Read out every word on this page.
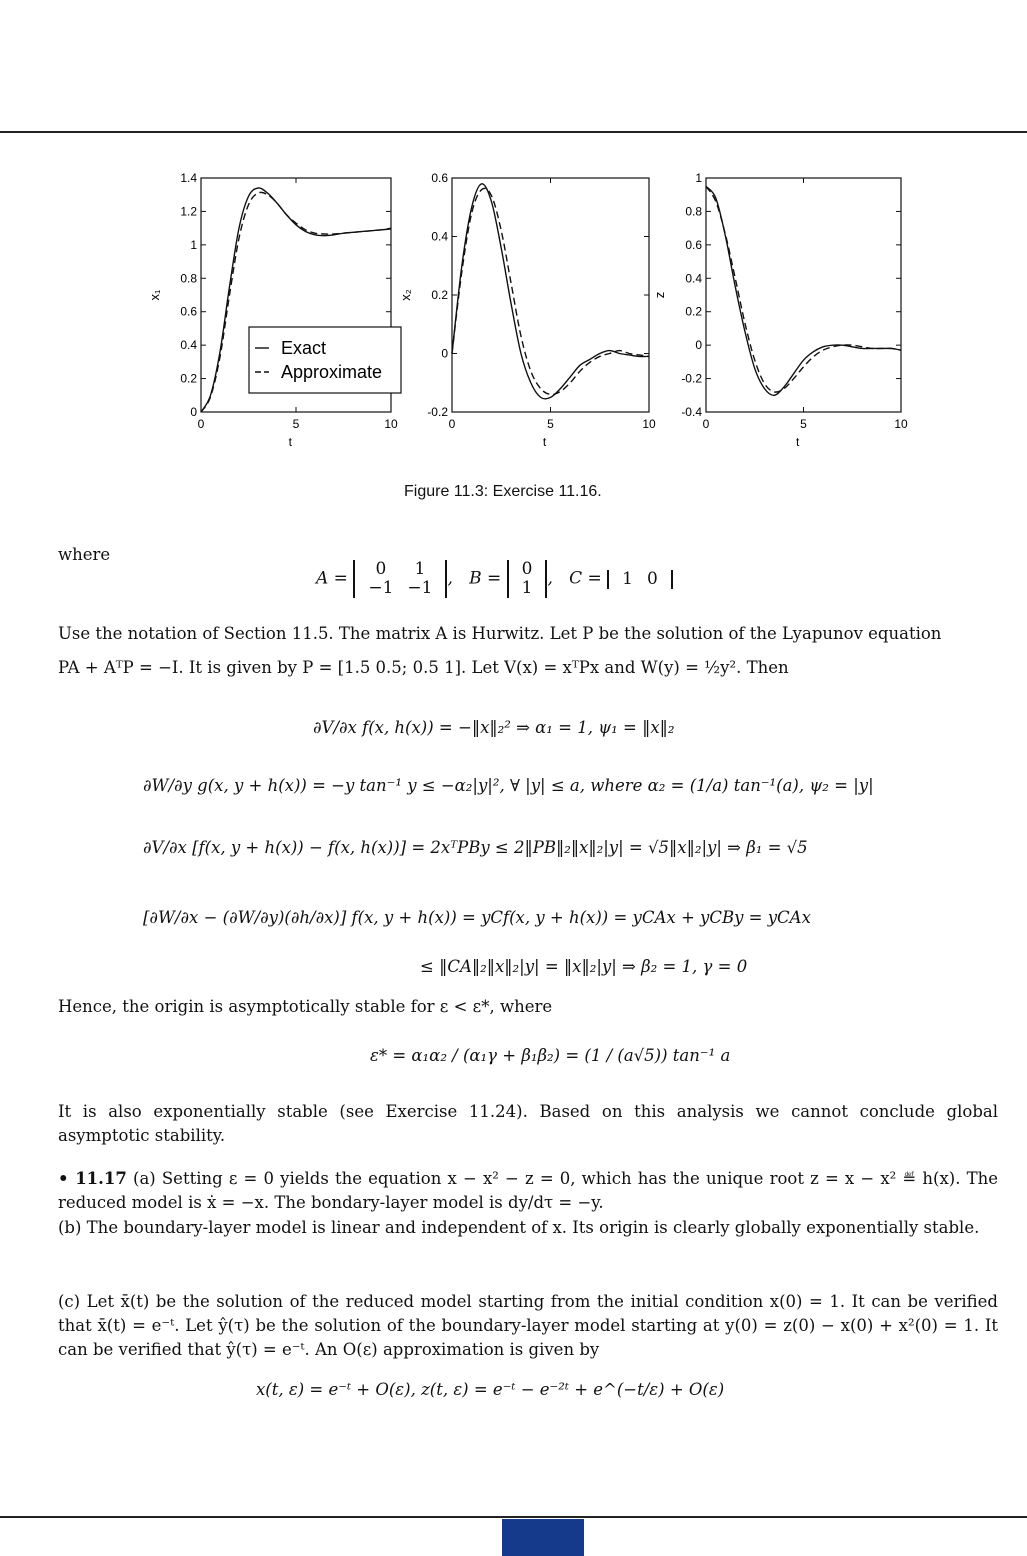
1.4
1.2
1
0.8
0.6
0.4
0.2
0
0	5	10
t
x₁
Exact
Approximate
0.6
0.4
0.2
0
-0.2
0	5	10
t
x₂
1
0.8
0.6
0.4
0.2
0
-0.2
-0.4
0	5	10
t
z
Figure 11.3: Exercise 11.16.
where
A = 0	1
−1	−1 ,   B = 0
1 ,   C = 1	0
Use the notation of Section 11.5. The matrix A is Hurwitz. Let P be the solution of the Lyapunov equation
PA + AᵀP = −I. It is given by P = [1.5 0.5; 0.5 1]. Let V(x) = xᵀPx and W(y) = ½y². Then
∂V/∂x f(x, h(x)) = −‖x‖₂² ⇒ α₁ = 1, ψ₁ = ‖x‖₂
∂W/∂y g(x, y + h(x)) = −y tan⁻¹ y ≤ −α₂|y|², ∀ |y| ≤ a, where α₂ = (1/a) tan⁻¹(a), ψ₂ = |y|
∂V/∂x [f(x, y + h(x)) − f(x, h(x))] = 2xᵀPBy ≤ 2‖PB‖₂‖x‖₂|y| = √5‖x‖₂|y| ⇒ β₁ = √5
[∂W/∂x − (∂W/∂y)(∂h/∂x)] f(x, y + h(x)) = yCf(x, y + h(x)) = yCAx + yCBy = yCAx
≤ ‖CA‖₂‖x‖₂|y| = ‖x‖₂|y| ⇒ β₂ = 1, γ = 0
Hence, the origin is asymptotically stable for ε < ε*, where
ε* = α₁α₂ / (α₁γ + β₁β₂) = (1 / (a√5)) tan⁻¹ a
It is also exponentially stable (see Exercise 11.24). Based on this analysis we cannot conclude global asymptotic stability.
• 11.17 (a) Setting ε = 0 yields the equation x − x² − z = 0, which has the unique root z = x − x² ≝ h(x). The reduced model is ẋ = −x. The bondary-layer model is dy/dτ = −y.
(b) The boundary-layer model is linear and independent of x. Its origin is clearly globally exponentially stable.
(c) Let x̄(t) be the solution of the reduced model starting from the initial condition x(0) = 1. It can be verified that x̄(t) = e⁻ᵗ. Let ŷ(τ) be the solution of the boundary-layer model starting at y(0) = z(0) − x(0) + x²(0) = 1. It can be verified that ŷ(τ) = e⁻ᵗ. An O(ε) approximation is given by
x(t, ε) = e⁻ᵗ + O(ε), z(t, ε) = e⁻ᵗ − e⁻²ᵗ + e^(−t/ε) + O(ε)
